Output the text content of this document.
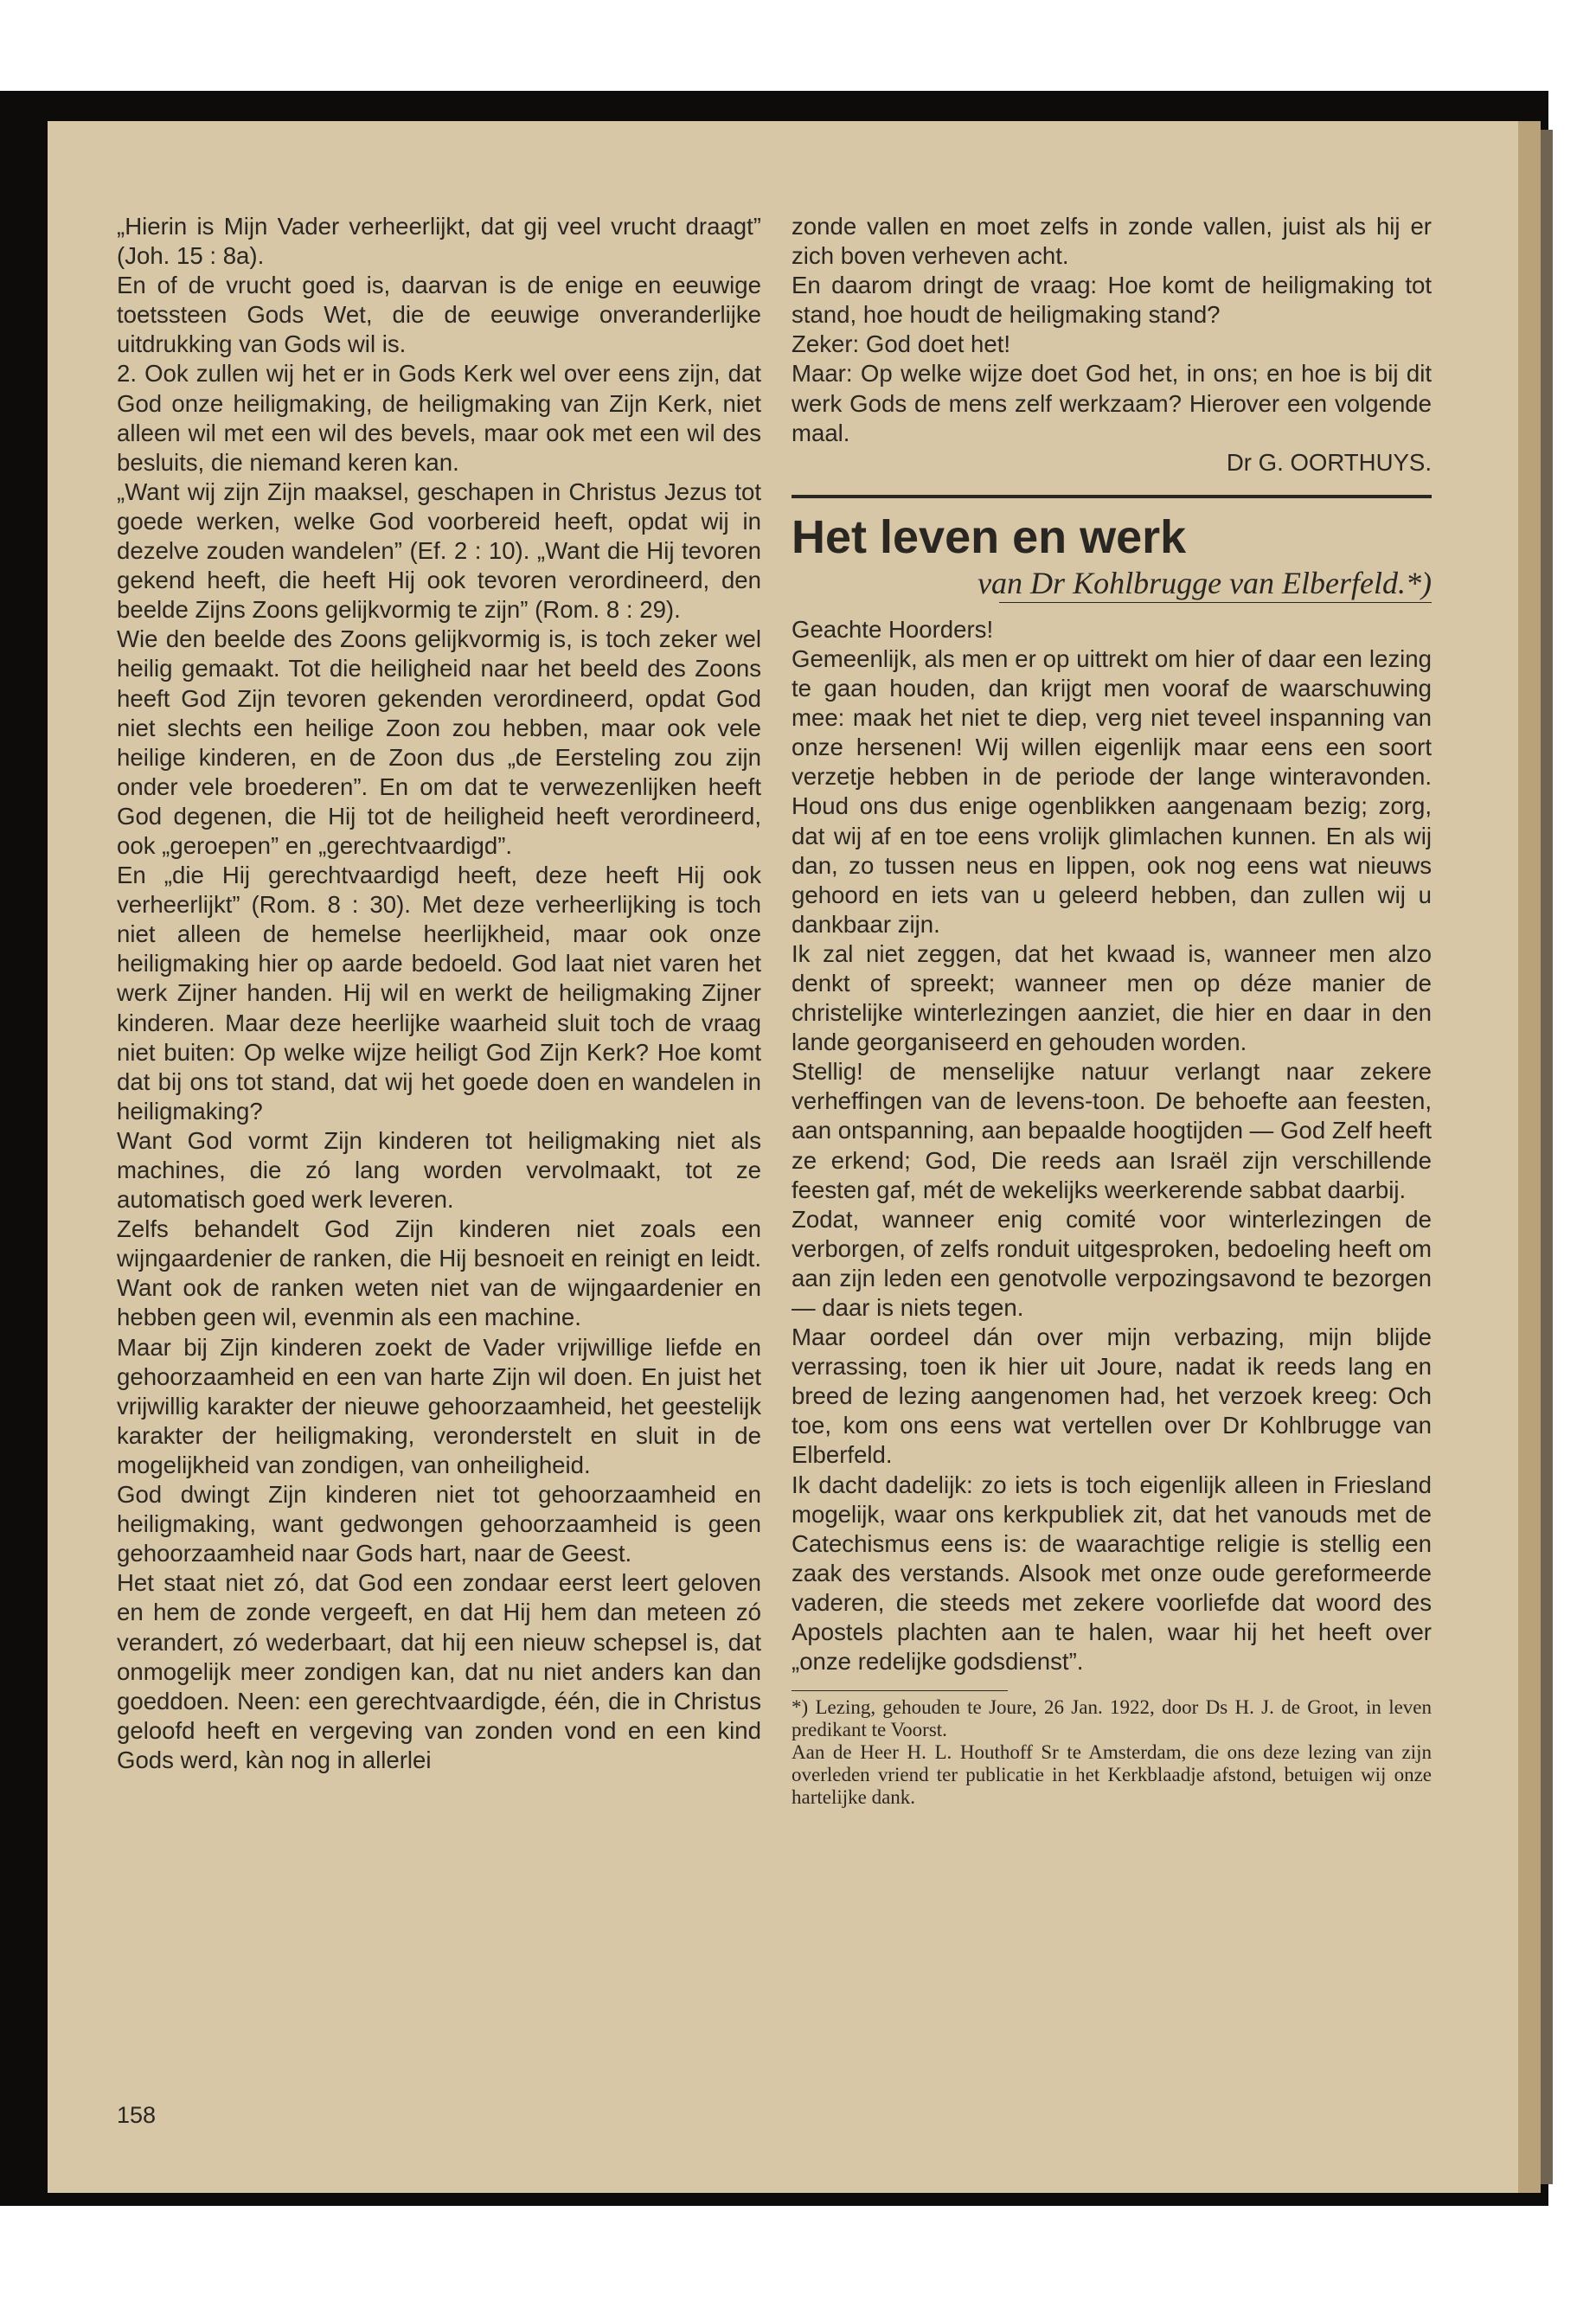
„Hierin is Mijn Vader verheerlijkt, dat gij veel vrucht draagt” (Joh. 15 : 8a).

En of de vrucht goed is, daarvan is de enige en eeuwige toetssteen Gods Wet, die de eeuwige onveranderlijke uitdrukking van Gods wil is.

2. Ook zullen wij het er in Gods Kerk wel over eens zijn, dat God onze heiligmaking, de heiligmaking van Zijn Kerk, niet alleen wil met een wil des bevels, maar ook met een wil des besluits, die niemand keren kan.

„Want wij zijn Zijn maaksel, geschapen in Christus Jezus tot goede werken, welke God voorbereid heeft, opdat wij in dezelve zouden wandelen” (Ef. 2 : 10). „Want die Hij tevoren gekend heeft, die heeft Hij ook tevoren verordineerd, den beelde Zijns Zoons gelijkvormig te zijn” (Rom. 8 : 29).

Wie den beelde des Zoons gelijkvormig is, is toch zeker wel heilig gemaakt. Tot die heiligheid naar het beeld des Zoons heeft God Zijn tevoren gekenden verordineerd, opdat God niet slechts een heilige Zoon zou hebben, maar ook vele heilige kinderen, en de Zoon dus „de Eersteling zou zijn onder vele broederen”. En om dat te verwezenlijken heeft God degenen, die Hij tot de heiligheid heeft verordineerd, ook „geroepen” en „gerechtvaardigd”.

En „die Hij gerechtvaardigd heeft, deze heeft Hij ook verheerlijkt” (Rom. 8 : 30). Met deze verheerlijking is toch niet alleen de hemelse heerlijkheid, maar ook onze heiligmaking hier op aarde bedoeld. God laat niet varen het werk Zijner handen. Hij wil en werkt de heiligmaking Zijner kinderen. Maar deze heerlijke waarheid sluit toch de vraag niet buiten: Op welke wijze heiligt God Zijn Kerk? Hoe komt dat bij ons tot stand, dat wij het goede doen en wandelen in heiligmaking?

Want God vormt Zijn kinderen tot heiligmaking niet als machines, die zó lang worden vervolmaakt, tot ze automatisch goed werk leveren.

Zelfs behandelt God Zijn kinderen niet zoals een wijngaardenier de ranken, die Hij besnoeit en reinigt en leidt. Want ook de ranken weten niet van de wijngaardenier en hebben geen wil, evenmin als een machine.

Maar bij Zijn kinderen zoekt de Vader vrijwillige liefde en gehoorzaamheid en een van harte Zijn wil doen. En juist het vrijwillig karakter der nieuwe gehoorzaamheid, het geestelijk karakter der heiligmaking, veronderstelt en sluit in de mogelijkheid van zondigen, van onheiligheid.

God dwingt Zijn kinderen niet tot gehoorzaamheid en heiligmaking, want gedwongen gehoorzaamheid is geen gehoorzaamheid naar Gods hart, naar de Geest.

Het staat niet zó, dat God een zondaar eerst leert geloven en hem de zonde vergeeft, en dat Hij hem dan meteen zó verandert, zó wederbaart, dat hij een nieuw schepsel is, dat onmogelijk meer zondigen kan, dat nu niet anders kan dan goeddoen. Neen: een gerechtvaardigde, één, die in Christus geloofd heeft en vergeving van zonden vond en een kind Gods werd, kàn nog in allerlei

zonde vallen en moet zelfs in zonde vallen, juist als hij er zich boven verheven acht.

En daarom dringt de vraag: Hoe komt de heiligmaking tot stand, hoe houdt de heiligmaking stand?

Zeker: God doet het!

Maar: Op welke wijze doet God het, in ons; en hoe is bij dit werk Gods de mens zelf werkzaam? Hierover een volgende maal.

Dr G. OORTHUYS.

Het leven en werk

van Dr Kohlbrugge van Elberfeld.*)

Geachte Hoorders!

Gemeenlijk, als men er op uittrekt om hier of daar een lezing te gaan houden, dan krijgt men vooraf de waarschuwing mee: maak het niet te diep, verg niet teveel inspanning van onze hersenen! Wij willen eigenlijk maar eens een soort verzetje hebben in de periode der lange winteravonden. Houd ons dus enige ogenblikken aangenaam bezig; zorg, dat wij af en toe eens vrolijk glimlachen kunnen. En als wij dan, zo tussen neus en lippen, ook nog eens wat nieuws gehoord en iets van u geleerd hebben, dan zullen wij u dankbaar zijn.

Ik zal niet zeggen, dat het kwaad is, wanneer men alzo denkt of spreekt; wanneer men op déze manier de christelijke winterlezingen aanziet, die hier en daar in den lande georganiseerd en gehouden worden.

Stellig! de menselijke natuur verlangt naar zekere verheffingen van de levens-toon. De behoefte aan feesten, aan ontspanning, aan bepaalde hoogtijden — God Zelf heeft ze erkend; God, Die reeds aan Israël zijn verschillende feesten gaf, mét de wekelijks weerkerende sabbat daarbij.

Zodat, wanneer enig comité voor winterlezingen de verborgen, of zelfs ronduit uitgesproken, bedoeling heeft om aan zijn leden een genotvolle verpozingsavond te bezorgen — daar is niets tegen.

Maar oordeel dán over mijn verbazing, mijn blijde verrassing, toen ik hier uit Joure, nadat ik reeds lang en breed de lezing aangenomen had, het verzoek kreeg: Och toe, kom ons eens wat vertellen over Dr Kohlbrugge van Elberfeld.

Ik dacht dadelijk: zo iets is toch eigenlijk alleen in Friesland mogelijk, waar ons kerkpubliek zit, dat het vanouds met de Catechismus eens is: de waarachtige religie is stellig een zaak des verstands. Alsook met onze oude gereformeerde vaderen, die steeds met zekere voorliefde dat woord des Apostels plachten aan te halen, waar hij het heeft over „onze redelijke godsdienst”.

*) Lezing, gehouden te Joure, 26 Jan. 1922, door Ds H. J. de Groot, in leven predikant te Voorst.

Aan de Heer H. L. Houthoff Sr te Amsterdam, die ons deze lezing van zijn overleden vriend ter publicatie in het Kerkblaadje afstond, betuigen wij onze hartelijke dank.

158
